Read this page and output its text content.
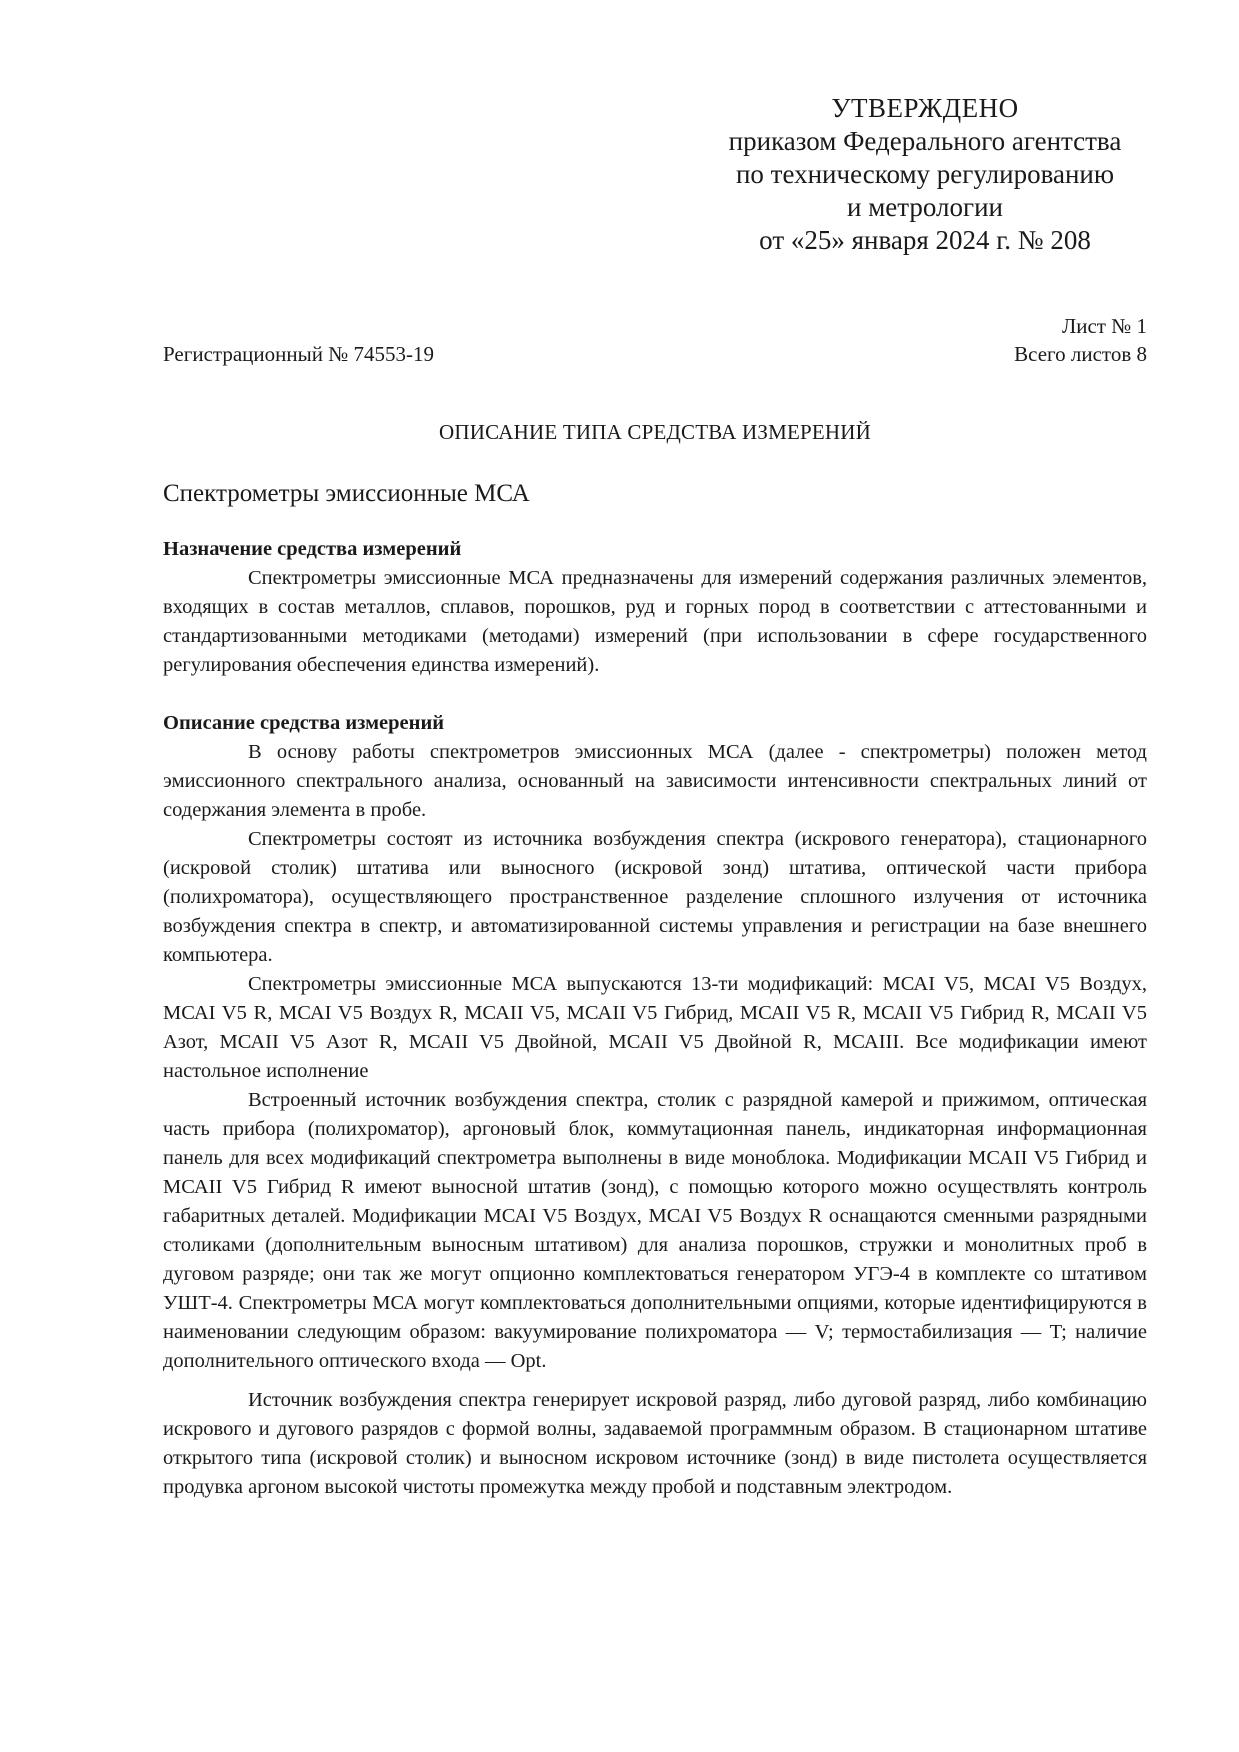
УТВЕРЖДЕНО
приказом Федерального агентства
по техническому регулированию
и метрологии
от «25» января 2024 г. № 208
Регистрационный № 74553-19
Лист № 1
Всего листов 8
ОПИСАНИЕ ТИПА СРЕДСТВА ИЗМЕРЕНИЙ
Спектрометры эмиссионные МСА

Назначение средства измерений

Спектрометры эмиссионные МСА предназначены для измерений содержания различных элементов, входящих в состав металлов, сплавов, порошков, руд и горных пород в соответствии с аттестованными и стандартизованными методиками (методами) измерений (при использовании в сфере государственного регулирования обеспечения единства измерений).

Описание средства измерений

В основу работы спектрометров эмиссионных МСА (далее - спектрометры) положен метод эмиссионного спектрального анализа, основанный на зависимости интенсивности спектральных линий от содержания элемента в пробе.

Спектрометры состоят из источника возбуждения спектра (искрового генератора), стационарного (искровой столик) штатива или выносного (искровой зонд) штатива, оптической части прибора (полихроматора), осуществляющего пространственное разделение сплошного излучения от источника возбуждения спектра в спектр, и автоматизированной системы управления и регистрации на базе внешнего компьютера.

Спектрометры эмиссионные МСА выпускаются 13-ти модификаций: МСАI V5, МСАI V5 Воздух, МСАI V5 R, МСАI V5 Воздух R, МСАII V5, МСАII V5 Гибрид, МСАII V5 R, МСАII V5 Гибрид R, МСАII V5 Азот, МСАII V5 Азот R, МСАII V5 Двойной, МСАII V5 Двойной R, МСАIII. Все модификации имеют настольное исполнение

Встроенный источник возбуждения спектра, столик с разрядной камерой и прижимом, оптическая часть прибора (полихроматор), аргоновый блок, коммутационная панель, индикаторная информационная панель для всех модификаций спектрометра выполнены в виде моноблока. Модификации МСАII V5 Гибрид и МСАII V5 Гибрид R имеют выносной штатив (зонд), с помощью которого можно осуществлять контроль габаритных деталей. Модификации МСАI V5 Воздух, МСАI V5 Воздух R оснащаются сменными разрядными столиками (дополнительным выносным штативом) для анализа порошков, стружки и монолитных проб в дуговом разряде; они так же могут опционно комплектоваться генератором УГЭ-4 в комплекте со штативом УШТ-4. Спектрометры МСА могут комплектоваться дополнительными опциями, которые идентифицируются в наименовании следующим образом: вакуумирование полихроматора — V; термостабилизация — T; наличие дополнительного оптического входа — Opt.

Источник возбуждения спектра генерирует искровой разряд, либо дуговой разряд, либо комбинацию искрового и дугового разрядов с формой волны, задаваемой программным образом. В стационарном штативе открытого типа (искровой столик) и выносном искровом источнике (зонд) в виде пистолета осуществляется продувка аргоном высокой чистоты промежутка между пробой и подставным электродом.
